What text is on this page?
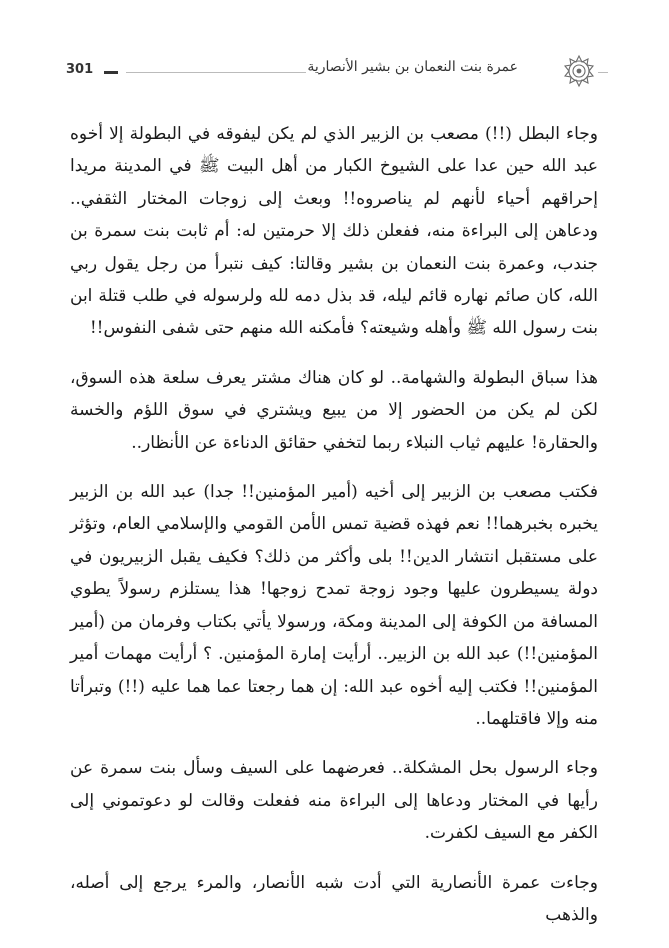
301	عمرة بنت النعمان بن بشير الأنصارية

وجاء البطل (!!) مصعب بن الزبير الذي لم يكن ليفوقه في البطولة إلا أخوه عبد الله حين عدا على الشيوخ الكبار من أهل البيت ﷺ في المدينة مريدا إحراقهم أحياء لأنهم لم يناصروه!! وبعث إلى زوجات المختار الثقفي.. ودعاهن إلى البراءة منه، ففعلن ذلك إلا حرمتين له: أم ثابت بنت سمرة بن جندب، وعمرة بنت النعمان بن بشير وقالتا: كيف نتبرأ من رجل يقول ربي الله، كان صائم نهاره قائم ليله، قد بذل دمه لله ولرسوله في طلب قتلة ابن بنت رسول الله ﷺ وأهله وشيعته؟ فأمكنه الله منهم حتى شفى النفوس!!

هذا سباق البطولة والشهامة.. لو كان هناك مشتر يعرف سلعة هذه السوق، لكن لم يكن من الحضور إلا من يبيع ويشتري في سوق اللؤم والخسة والحقارة! عليهم ثياب النبلاء ربما لتخفي حقائق الدناءة عن الأنظار..

فكتب مصعب بن الزبير إلى أخيه (أمير المؤمنين!! جدا) عبد الله بن الزبير يخبره بخبرهما!! نعم فهذه قضية تمس الأمن القومي والإسلامي العام، وتؤثر على مستقبل انتشار الدين!! بلى وأكثر من ذلك؟ فكيف يقبل الزبيريون في دولة يسيطرون عليها وجود زوجة تمدح زوجها! هذا يستلزم رسولاً يطوي المسافة من الكوفة إلى المدينة ومكة، ورسولا يأتي بكتاب وفرمان من (أمير المؤمنين!!) عبد الله بن الزبير.. أرأيت إمارة المؤمنين. ؟ أرأيت مهمات أمير المؤمنين!! فكتب إليه أخوه عبد الله: إن هما رجعتا عما هما عليه (!!) وتبرأتا منه وإلا فاقتلهما..

وجاء الرسول بحل المشكلة.. فعرضهما على السيف وسأل بنت سمرة عن رأيها في المختار ودعاها إلى البراءة منه ففعلت وقالت لو دعوتموني إلى الكفر مع السيف لكفرت.

وجاءت عمرة الأنصارية التي أدت شبه الأنصار، والمرء يرجع إلى أصله، والذهب
